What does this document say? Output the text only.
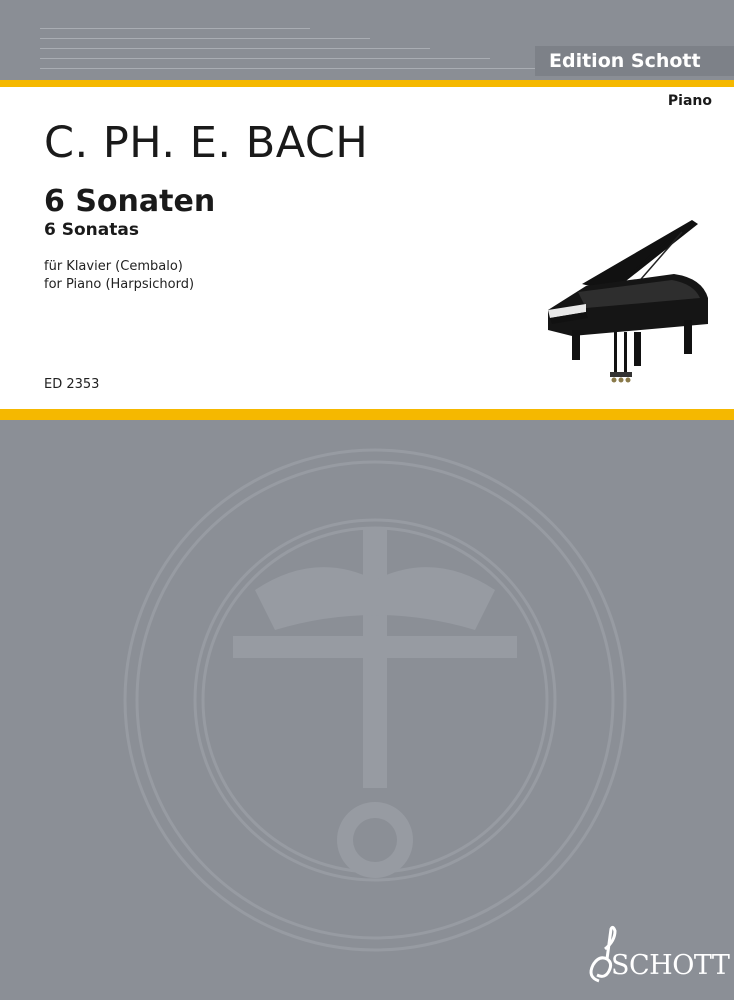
Edition Schott
Piano
C. PH. E. BACH
6 Sonaten
6 Sonatas
für Klavier (Cembalo)
for Piano (Harpsichord)
ED 2353
SCHOTT
